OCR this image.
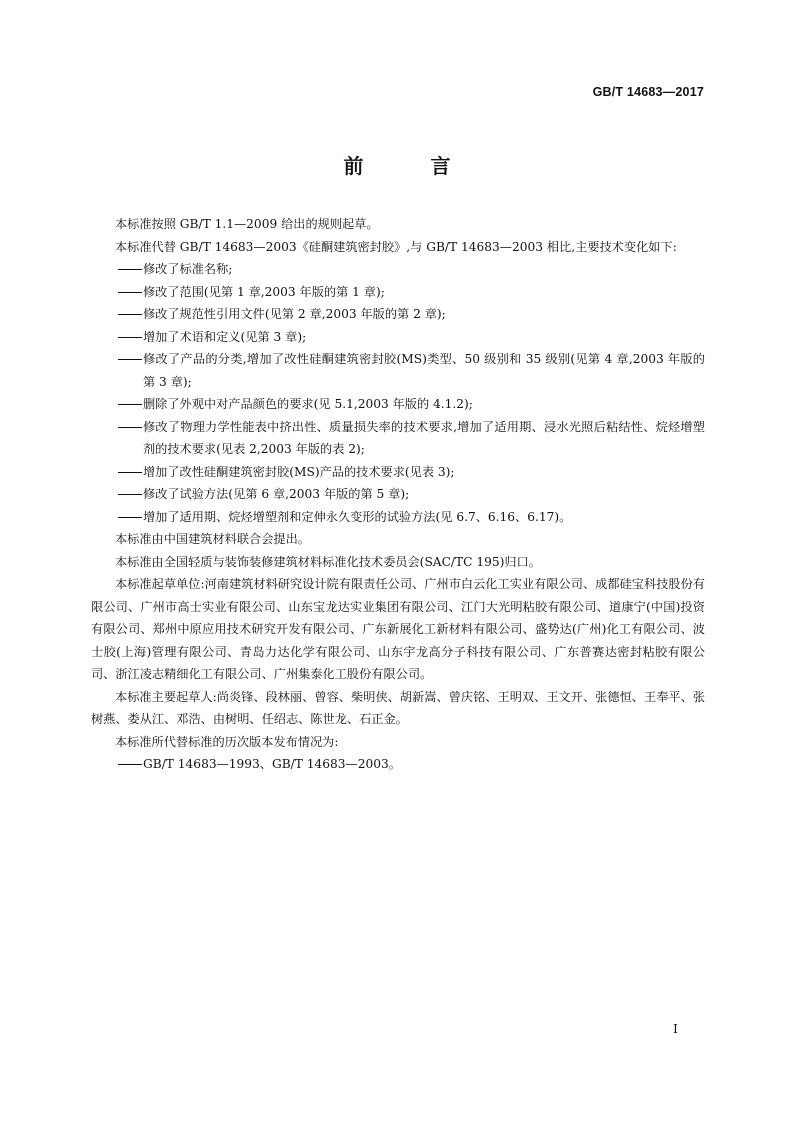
GB/T 14683—2017
前 言

本标准按照 GB/T 1.1—2009 给出的规则起草。

本标准代替 GB/T 14683—2003《硅酮建筑密封胶》,与 GB/T 14683—2003 相比,主要技术变化如下:

修改了标准名称;
修改了范围(见第 1 章,2003 年版的第 1 章);
修改了规范性引用文件(见第 2 章,2003 年版的第 2 章);
增加了术语和定义(见第 3 章);
修改了产品的分类,增加了改性硅酮建筑密封胶(MS)类型、50 级别和 35 级别(见第 4 章,2003 年版的第 3 章);
删除了外观中对产品颜色的要求(见 5.1,2003 年版的 4.1.2);
修改了物理力学性能表中挤出性、质量损失率的技术要求,增加了适用期、浸水光照后粘结性、烷烃增塑剂的技术要求(见表 2,2003 年版的表 2);
增加了改性硅酮建筑密封胶(MS)产品的技术要求(见表 3);
修改了试验方法(见第 6 章,2003 年版的第 5 章);
增加了适用期、烷烃增塑剂和定伸永久变形的试验方法(见 6.7、6.16、6.17)。

本标准由中国建筑材料联合会提出。

本标准由全国轻质与装饰装修建筑材料标准化技术委员会(SAC/TC 195)归口。

本标准起草单位:河南建筑材料研究设计院有限责任公司、广州市白云化工实业有限公司、成都硅宝科技股份有限公司、广州市高士实业有限公司、山东宝龙达实业集团有限公司、江门大光明粘胶有限公司、道康宁(中国)投资有限公司、郑州中原应用技术研究开发有限公司、广东新展化工新材料有限公司、盛势达(广州)化工有限公司、波士胶(上海)管理有限公司、青岛力达化学有限公司、山东宇龙高分子科技有限公司、广东普赛达密封粘胶有限公司、浙江凌志精细化工有限公司、广州集泰化工股份有限公司。

本标准主要起草人:尚炎锋、段林丽、曾容、柴明侠、胡新嵩、曾庆铭、王明双、王文开、张德恒、王奉平、张树燕、娄从江、邓浩、由树明、任绍志、陈世龙、石正金。

本标准所代替标准的历次版本发布情况为:

GB/T 14683—1993、GB/T 14683—2003。
I
